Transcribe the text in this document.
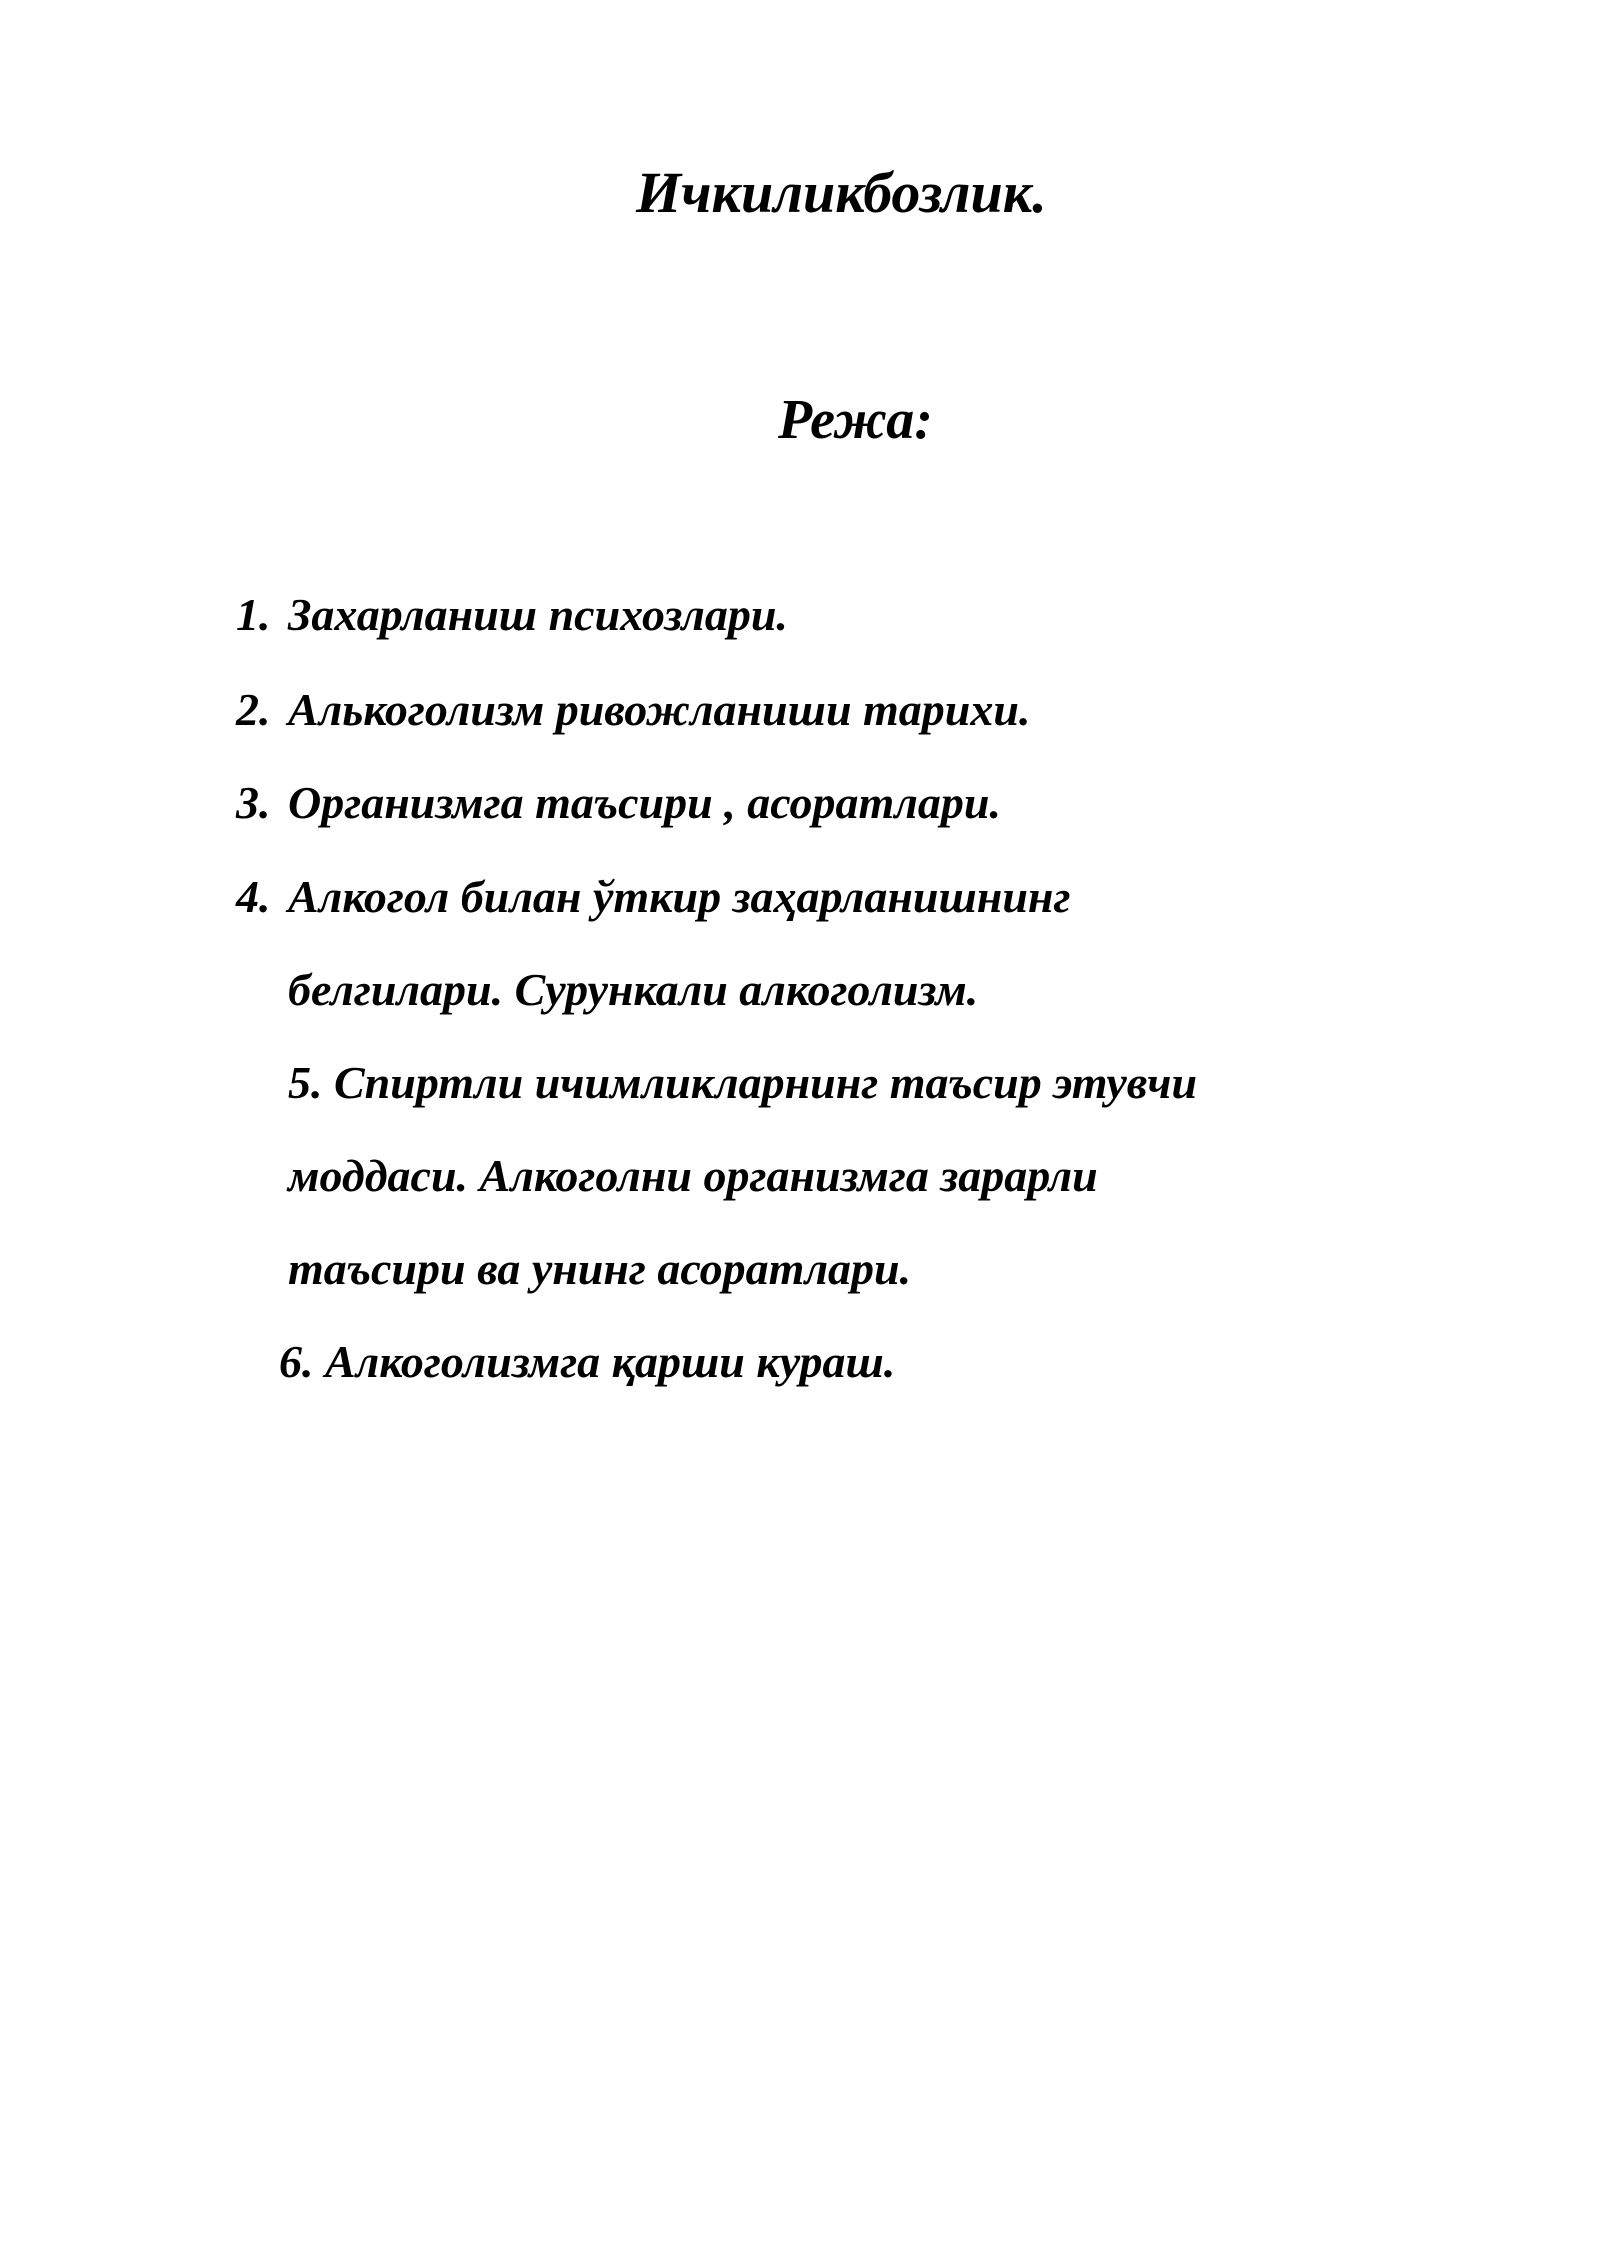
Ичкиликбозлик.
Режа:
1. Захарланиш психозлари.
2. Алькоголизм ривожланиши тарихи.
3. Организмга таъсири , асоратлари.
4. Алкогол билан ўткир заҳарланишнинг
белгилари. Сурункали алкоголизм.
5. Спиртли ичимликларнинг таъсир этувчи
моддаси. Алкоголни организмга зарарли
таъсири ва унинг асоратлари.
6. Алкоголизмга қарши кураш.
